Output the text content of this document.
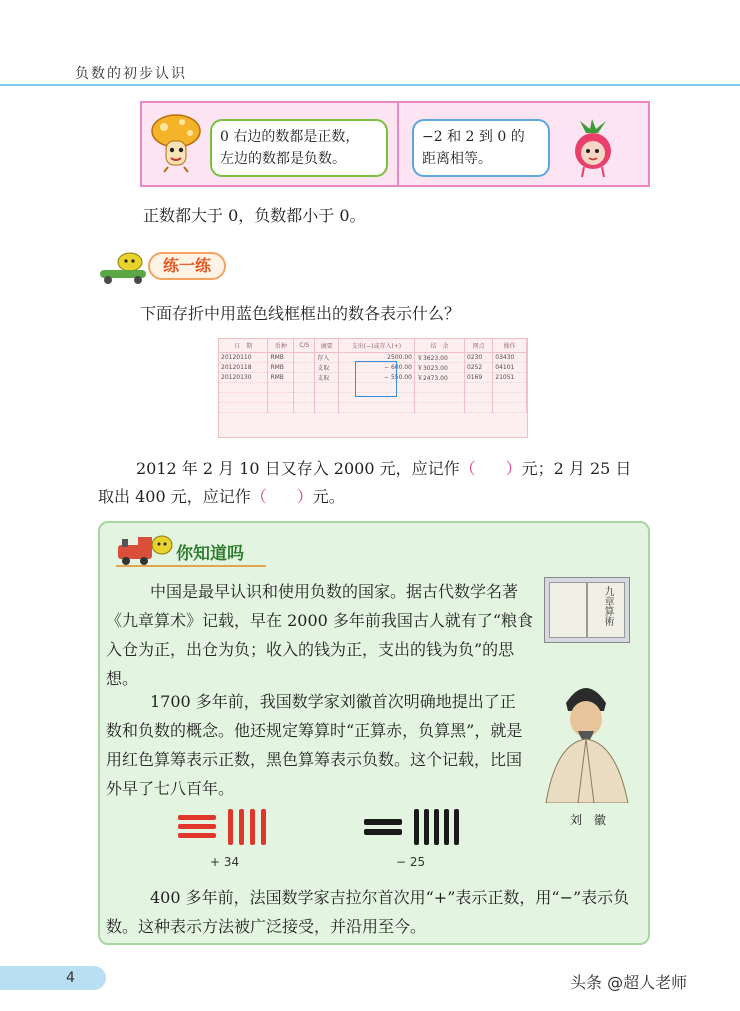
负数的初步认识
0 右边的数都是正数，
左边的数都是负数。
−2 和 2 到 0 的
距离相等。
正数都大于 0，负数都小于 0。
练一练
下面存折中用蓝色线框框出的数各表示什么？
日　期	币种	C/S	摘要	支出(−)或存入(+)	结　余	网点	操作
20120110	RMB		存入	2500.00	￥3623.00	0230	03430
20120118	RMB		支取	− 600.00	￥3023.00	0252	04101
20120130	RMB		支取	− 550.00	￥2473.00	0169	21051

2012 年 2 月 10 日又存入 2000 元，应记作（ ）元；2 月 25 日
取出 400 元，应记作（ ）元。
你知道吗
中国是最早认识和使用负数的国家。据古代数学名著《九章算术》记载，早在 2000 多年前我国古人就有了“粮食入仓为正，出仓为负；收入的钱为正，支出的钱为负”的思想。
1700 多年前，我国数学家刘徽首次明确地提出了正数和负数的概念。他还规定筹算时“正算赤，负算黑”，就是用红色算筹表示正数，黑色算筹表示负数。这个记载，比国外早了七八百年。
九章算術
刘 徽
+ 34	− 25
400 多年前，法国数学家吉拉尔首次用“+”表示正数，用“−”表示负数。这种表示方法被广泛接受，并沿用至今。
4	头条 @超人老师
